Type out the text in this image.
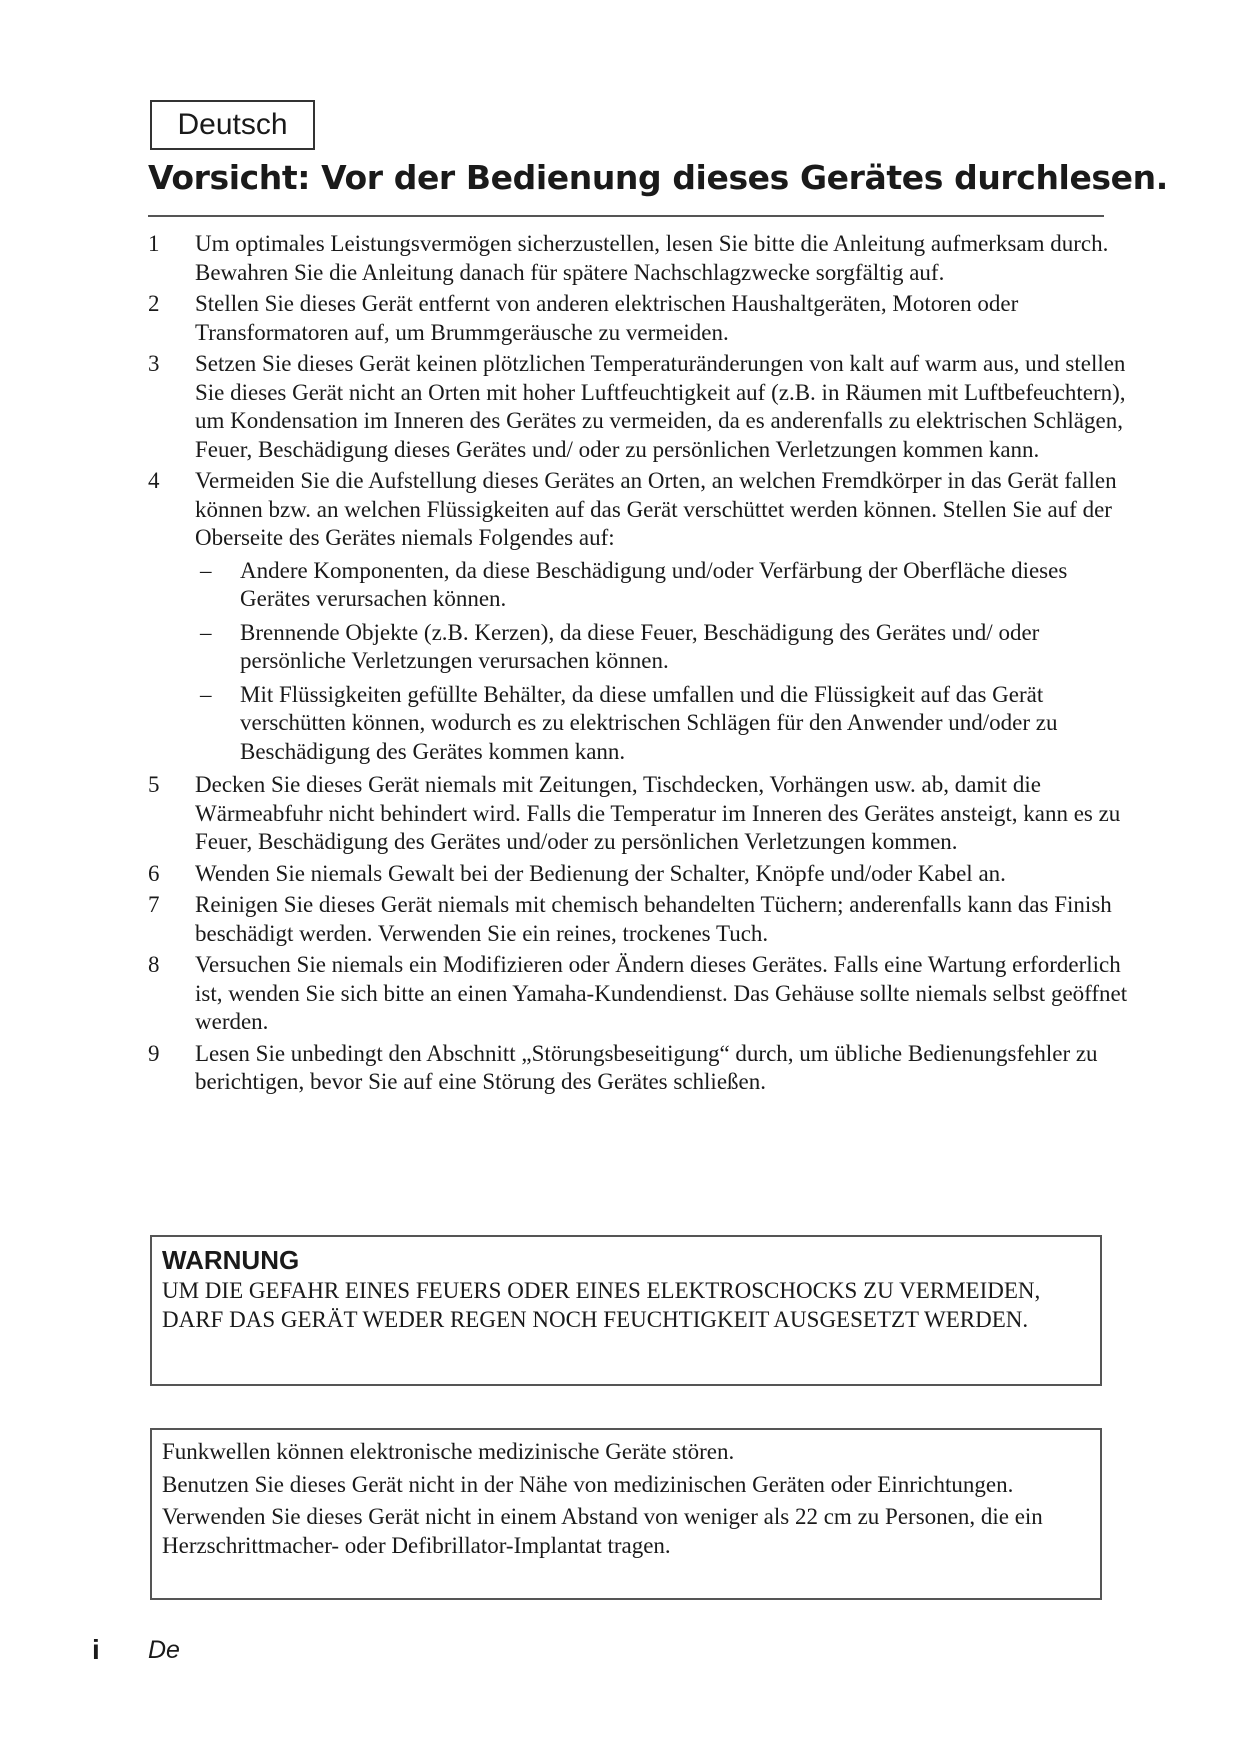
Deutsch
Vorsicht: Vor der Bedienung dieses Gerätes durchlesen.
1 Um optimales Leistungsvermögen sicherzustellen, lesen Sie bitte die Anleitung aufmerksam durch. Bewahren Sie die Anleitung danach für spätere Nachschlagzwecke sorgfältig auf.
2 Stellen Sie dieses Gerät entfernt von anderen elektrischen Haushaltgeräten, Motoren oder Transformatoren auf, um Brummgeräusche zu vermeiden.
3 Setzen Sie dieses Gerät keinen plötzlichen Temperaturänderungen von kalt auf warm aus, und stellen Sie dieses Gerät nicht an Orten mit hoher Luftfeuchtigkeit auf (z.B. in Räumen mit Luftbefeuchtern), um Kondensation im Inneren des Gerätes zu vermeiden, da es anderenfalls zu elektrischen Schlägen, Feuer, Beschädigung dieses Gerätes und/ oder zu persönlichen Verletzungen kommen kann.
4 Vermeiden Sie die Aufstellung dieses Gerätes an Orten, an welchen Fremdkörper in das Gerät fallen können bzw. an welchen Flüssigkeiten auf das Gerät verschüttet werden können. Stellen Sie auf der Oberseite des Gerätes niemals Folgendes auf:
– Andere Komponenten, da diese Beschädigung und/oder Verfärbung der Oberfläche dieses Gerätes verursachen können.
– Brennende Objekte (z.B. Kerzen), da diese Feuer, Beschädigung des Gerätes und/ oder persönliche Verletzungen verursachen können.
– Mit Flüssigkeiten gefüllte Behälter, da diese umfallen und die Flüssigkeit auf das Gerät verschütten können, wodurch es zu elektrischen Schlägen für den Anwender und/oder zu Beschädigung des Gerätes kommen kann.
5 Decken Sie dieses Gerät niemals mit Zeitungen, Tischdecken, Vorhängen usw. ab, damit die Wärmeabfuhr nicht behindert wird. Falls die Temperatur im Inneren des Gerätes ansteigt, kann es zu Feuer, Beschädigung des Gerätes und/oder zu persönlichen Verletzungen kommen.
6 Wenden Sie niemals Gewalt bei der Bedienung der Schalter, Knöpfe und/oder Kabel an.
7 Reinigen Sie dieses Gerät niemals mit chemisch behandelten Tüchern; anderenfalls kann das Finish beschädigt werden. Verwenden Sie ein reines, trockenes Tuch.
8 Versuchen Sie niemals ein Modifizieren oder Ändern dieses Gerätes. Falls eine Wartung erforderlich ist, wenden Sie sich bitte an einen Yamaha-Kundendienst. Das Gehäuse sollte niemals selbst geöffnet werden.
9 Lesen Sie unbedingt den Abschnitt „Störungsbeseitigung“ durch, um übliche Bedienungsfehler zu berichtigen, bevor Sie auf eine Störung des Gerätes schließen.
WARNUNG
UM DIE GEFAHR EINES FEUERS ODER EINES ELEKTROSCHOCKS ZU VERMEIDEN, DARF DAS GERÄT WEDER REGEN NOCH FEUCHTIGKEIT AUSGESETZT WERDEN.
Funkwellen können elektronische medizinische Geräte stören.
Benutzen Sie dieses Gerät nicht in der Nähe von medizinischen Geräten oder Einrichtungen.
Verwenden Sie dieses Gerät nicht in einem Abstand von weniger als 22 cm zu Personen, die ein Herzschrittmacher- oder Defibrillator-Implantat tragen.
i De
